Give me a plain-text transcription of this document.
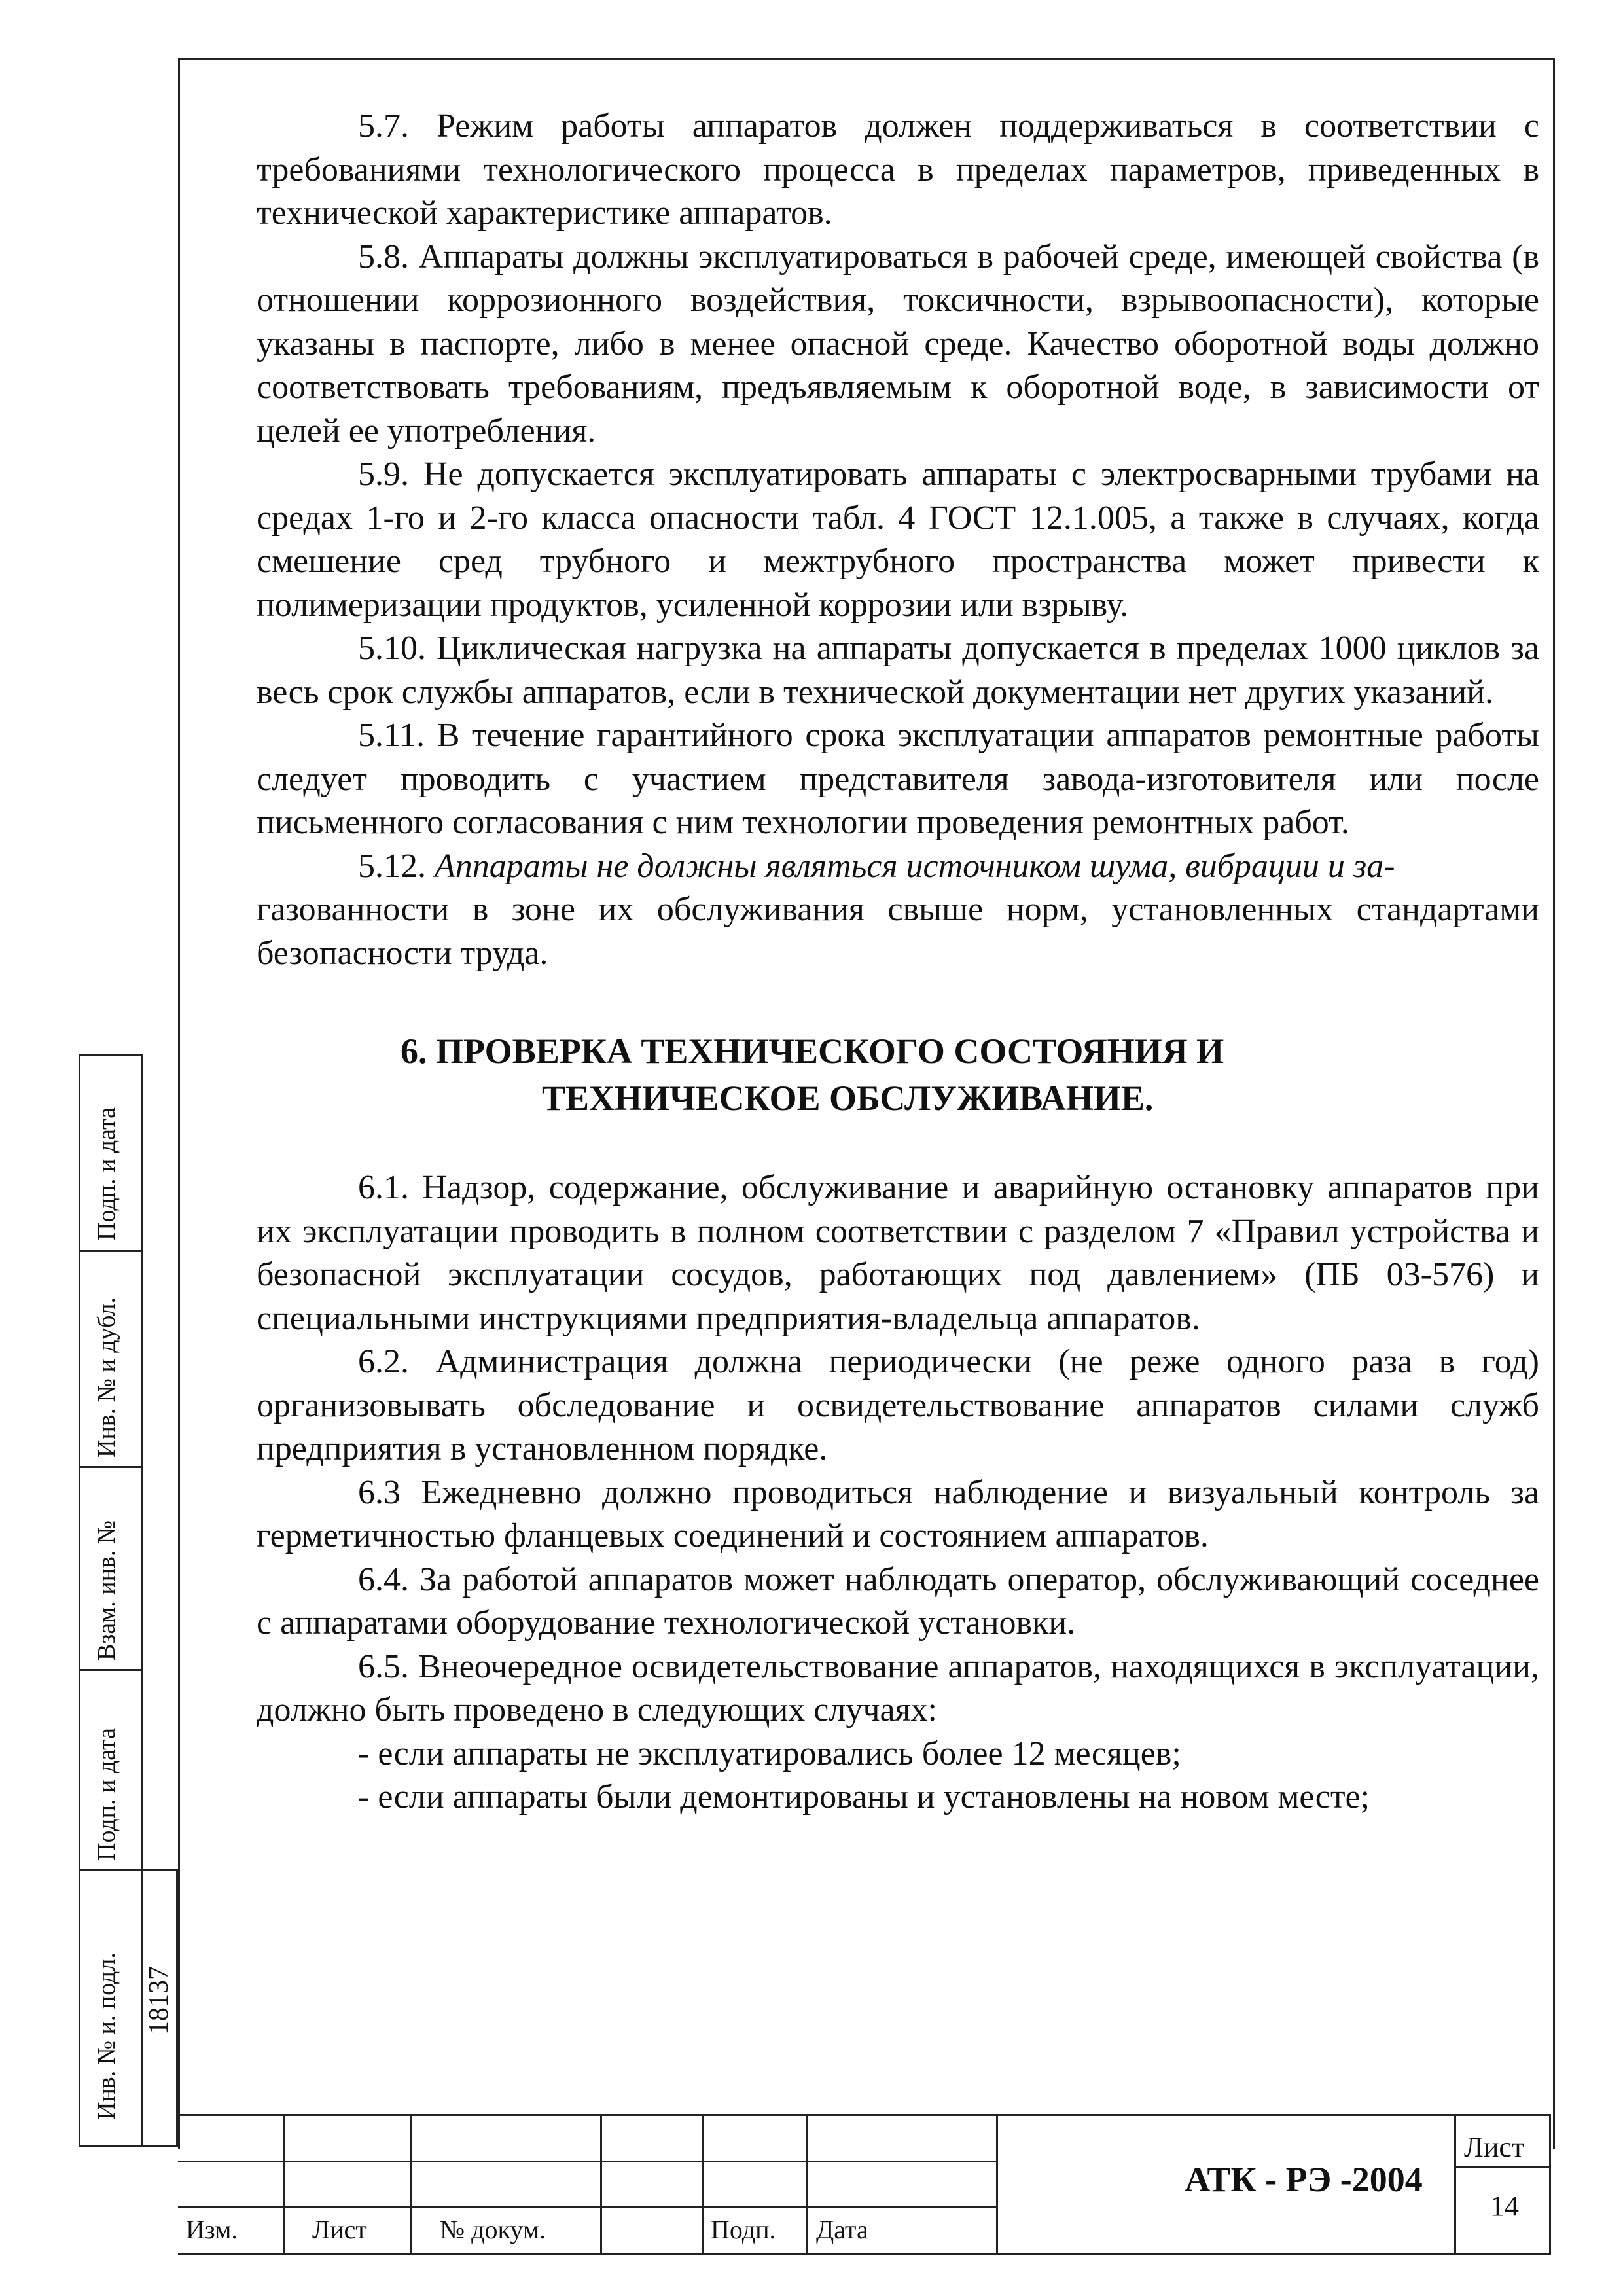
5.7. Режим работы аппаратов должен поддерживаться в соответствии с требованиями технологического процесса в пределах параметров, приведенных в технической характеристике аппаратов.

5.8. Аппараты должны эксплуатироваться в рабочей среде, имеющей свойства (в отношении коррозионного воздействия, токсичности, взрывоопасности), которые указаны в паспорте, либо в менее опасной среде. Качество оборотной воды должно соответствовать требованиям, предъявляемым к оборотной воде, в зависимости от целей ее употребления.

5.9. Не допускается эксплуатировать аппараты с электросварными трубами на средах 1-го и 2-го класса опасности табл. 4 ГОСТ 12.1.005, а также в случаях, когда смешение сред трубного и межтрубного пространства может привести к полимеризации продуктов, усиленной коррозии или взрыву.

5.10. Циклическая нагрузка на аппараты допускается в пределах 1000 циклов за весь срок службы аппаратов, если в технической документации нет других указаний.

5.11. В течение гарантийного срока эксплуатации аппаратов ремонтные работы следует проводить с участием представителя завода-изготовителя или после письменного согласования с ним технологии проведения ремонтных работ.

5.12. Аппараты не должны являться источником шума, вибрации и за-
газованности в зоне их обслуживания свыше норм, установленных стандартами безопасности труда.

6. ПРОВЕРКА ТЕХНИЧЕСКОГО СОСТОЯНИЯ И
ТЕХНИЧЕСКОЕ ОБСЛУЖИВАНИЕ.

6.1. Надзор, содержание, обслуживание и аварийную остановку аппаратов при их эксплуатации проводить в полном соответствии с разделом 7 «Правил устройства и безопасной эксплуатации сосудов, работающих под давлением» (ПБ 03-576) и специальными инструкциями предприятия-владельца аппаратов.

6.2. Администрация должна периодически (не реже одного раза в год) организовывать обследование и освидетельствование аппаратов силами служб предприятия в установленном порядке.

6.3 Ежедневно должно проводиться наблюдение и визуальный контроль за герметичностью фланцевых соединений и состоянием аппаратов.

6.4. За работой аппаратов может наблюдать оператор, обслуживающий соседнее с аппаратами оборудование технологической установки.

6.5. Внеочередное освидетельствование аппаратов, находящихся в эксплуатации, должно быть проведено в следующих случаях:

- если аппараты не эксплуатировались более 12 месяцев;

- если аппараты были демонтированы и установлены на новом месте;

Подп. и дата
Инв. № и дубл.
Взам. инв. №
Подп. и дата
Инв. № и. подл. 18137
Изм.	Лист	№ докум.	Подп. Дата
АТК - РЭ -2004
Лист
14
